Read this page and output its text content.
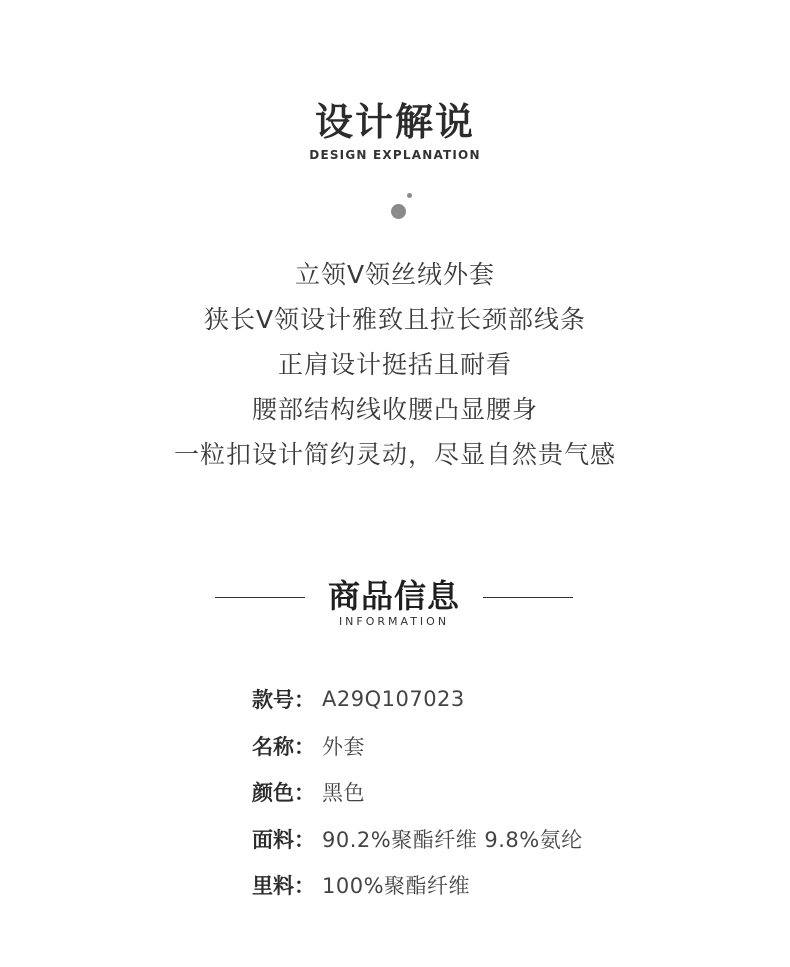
设计解说
DESIGN EXPLANATION
立领V领丝绒外套
狭长V领设计雅致且拉长颈部线条
正肩设计挺括且耐看
腰部结构线收腰凸显腰身
一粒扣设计简约灵动，尽显自然贵气感
商品信息
INFORMATION
款号： A29Q107023
名称： 外套
颜色： 黑色
面料： 90.2%聚酯纤维 9.8%氨纶
里料： 100%聚酯纤维
